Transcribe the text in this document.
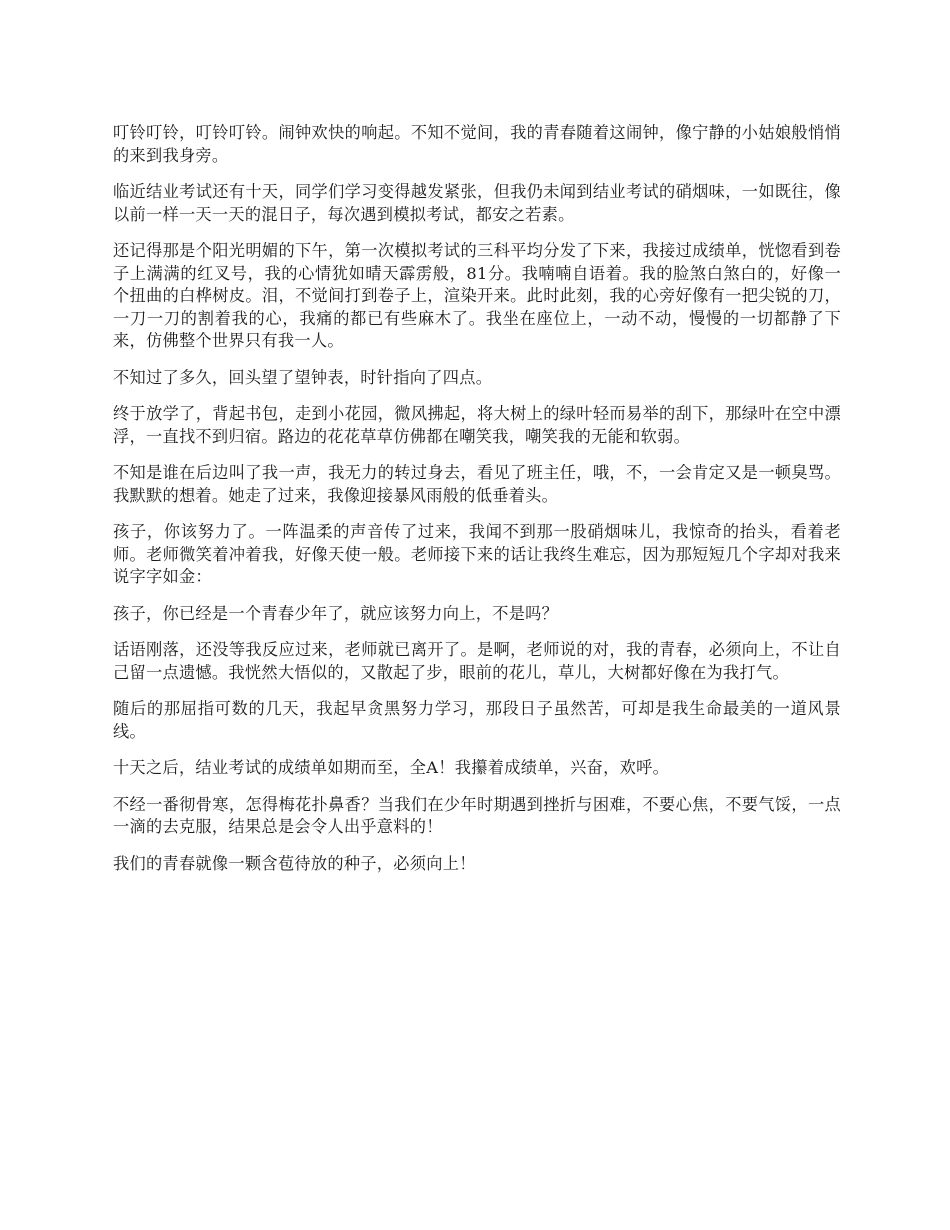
叮铃叮铃，叮铃叮铃。闹钟欢快的响起。不知不觉间，我的青春随着这闹钟，像宁静的小姑娘般悄悄的来到我身旁。

临近结业考试还有十天，同学们学习变得越发紧张，但我仍未闻到结业考试的硝烟味，一如既往，像以前一样一天一天的混日子，每次遇到模拟考试，都安之若素。

还记得那是个阳光明媚的下午，第一次模拟考试的三科平均分发了下来，我接过成绩单，恍惚看到卷子上满满的红叉号，我的心情犹如晴天霹雳般，81分。我喃喃自语着。我的脸煞白煞白的，好像一个扭曲的白桦树皮。泪，不觉间打到卷子上，渲染开来。此时此刻，我的心旁好像有一把尖锐的刀，一刀一刀的割着我的心，我痛的都已有些麻木了。我坐在座位上，一动不动，慢慢的一切都静了下来，仿佛整个世界只有我一人。

不知过了多久，回头望了望钟表，时针指向了四点。

终于放学了，背起书包，走到小花园，微风拂起，将大树上的绿叶轻而易举的刮下，那绿叶在空中漂浮，一直找不到归宿。路边的花花草草仿佛都在嘲笑我，嘲笑我的无能和软弱。

不知是谁在后边叫了我一声，我无力的转过身去，看见了班主任，哦，不，一会肯定又是一顿臭骂。我默默的想着。她走了过来，我像迎接暴风雨般的低垂着头。

孩子，你该努力了。一阵温柔的声音传了过来，我闻不到那一股硝烟味儿，我惊奇的抬头，看着老师。老师微笑着冲着我，好像天使一般。老师接下来的话让我终生难忘，因为那短短几个字却对我来说字字如金：

孩子，你已经是一个青春少年了，就应该努力向上，不是吗？

话语刚落，还没等我反应过来，老师就已离开了。是啊，老师说的对，我的青春，必须向上，不让自己留一点遗憾。我恍然大悟似的，又散起了步，眼前的花儿，草儿，大树都好像在为我打气。

随后的那屈指可数的几天，我起早贪黑努力学习，那段日子虽然苦，可却是我生命最美的一道风景线。

十天之后，结业考试的成绩单如期而至，全A！我攥着成绩单，兴奋，欢呼。

不经一番彻骨寒，怎得梅花扑鼻香？当我们在少年时期遇到挫折与困难，不要心焦，不要气馁，一点一滴的去克服，结果总是会令人出乎意料的！

我们的青春就像一颗含苞待放的种子，必须向上！
